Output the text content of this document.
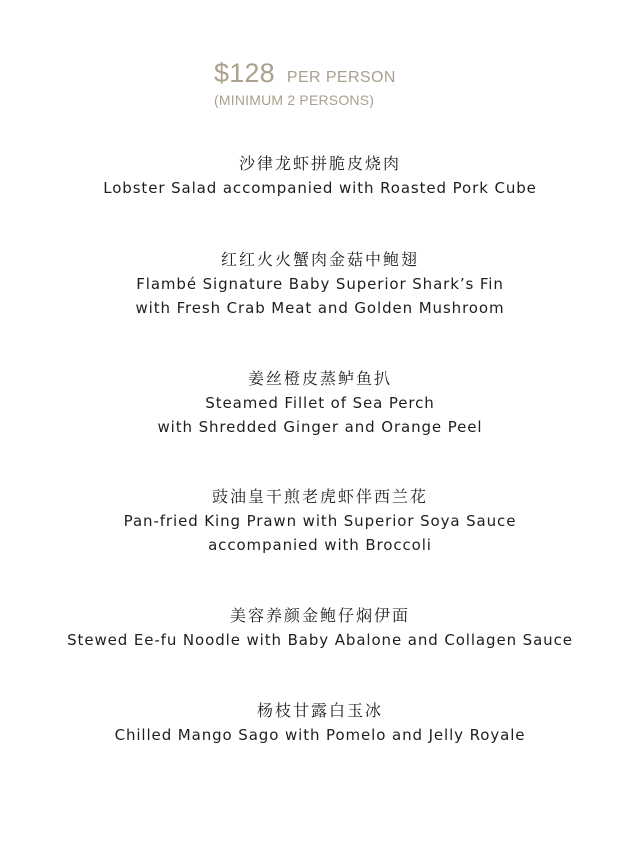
$128 PER PERSON
(MINIMUM 2 PERSONS)
沙律龙虾拼脆皮烧肉
Lobster Salad accompanied with Roasted Pork Cube
红红火火蟹肉金菇中鲍翅
Flambé Signature Baby Superior Shark’s Fin
with Fresh Crab Meat and Golden Mushroom
姜丝橙皮蒸鲈鱼扒
Steamed Fillet of Sea Perch
with Shredded Ginger and Orange Peel
豉油皇干煎老虎虾伴西兰花
Pan-fried King Prawn with Superior Soya Sauce
accompanied with Broccoli
美容养颜金鲍仔焖伊面
Stewed Ee-fu Noodle with Baby Abalone and Collagen Sauce
杨枝甘露白玉冰
Chilled Mango Sago with Pomelo and Jelly Royale
